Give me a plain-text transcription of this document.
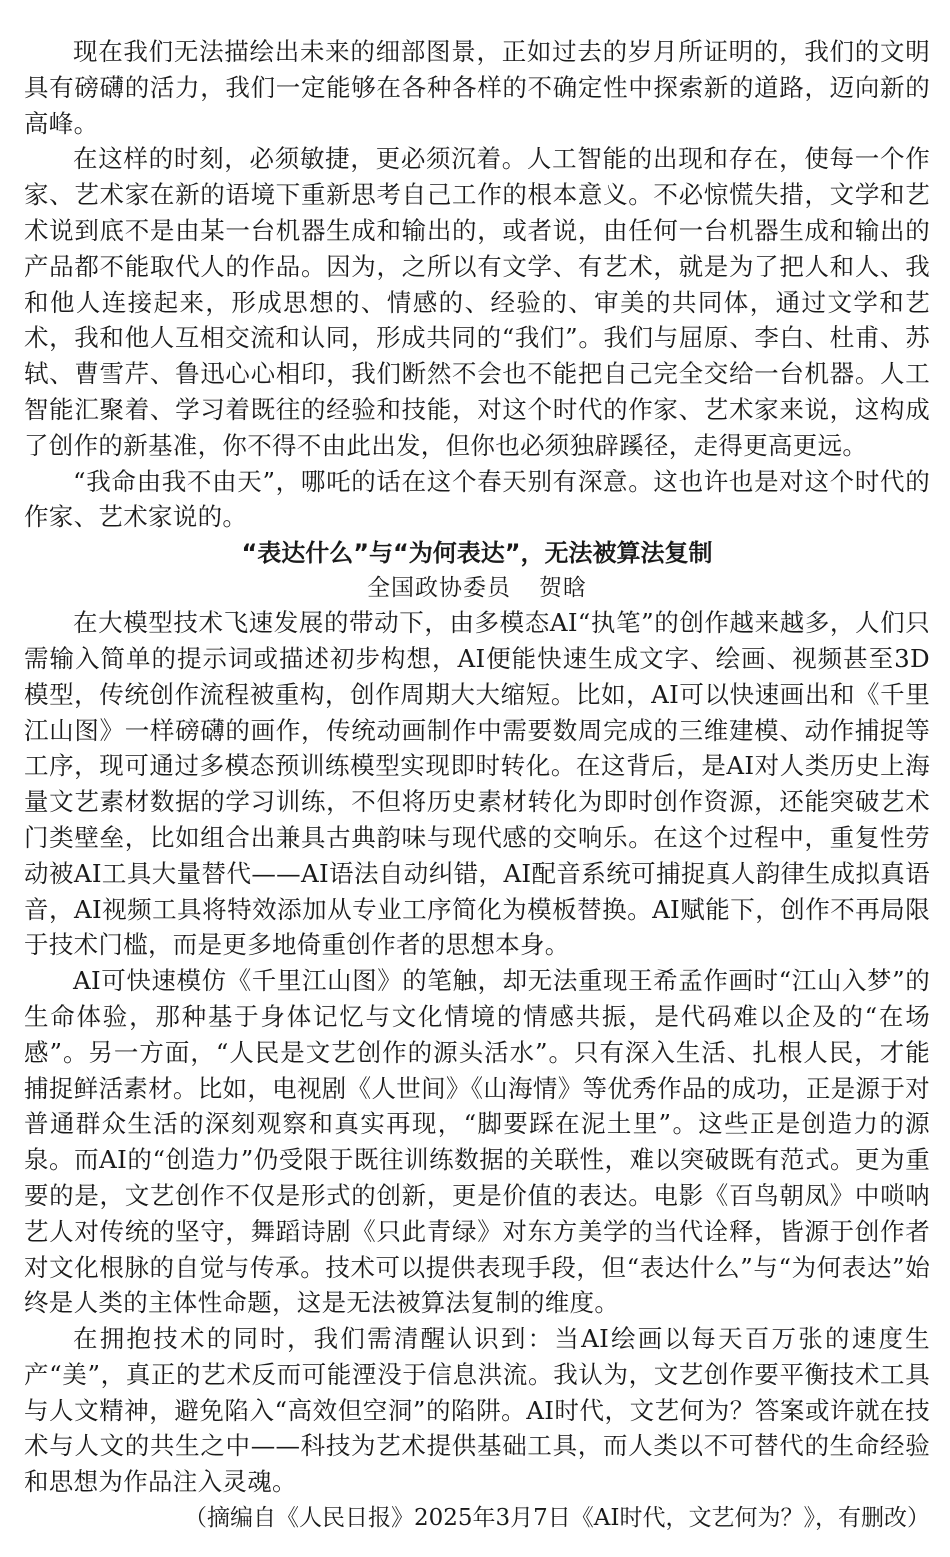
现在我们无法描绘出未来的细部图景，正如过去的岁月所证明的，我们的文明具有磅礴的活力，我们一定能够在各种各样的不确定性中探索新的道路，迈向新的高峰。

在这样的时刻，必须敏捷，更必须沉着。人工智能的出现和存在，使每一个作家、艺术家在新的语境下重新思考自己工作的根本意义。不必惊慌失措，文学和艺术说到底不是由某一台机器生成和输出的，或者说，由任何一台机器生成和输出的产品都不能取代人的作品。因为，之所以有文学、有艺术，就是为了把人和人、我和他人连接起来，形成思想的、情感的、经验的、审美的共同体，通过文学和艺术，我和他人互相交流和认同，形成共同的“我们”。我们与屈原、李白、杜甫、苏轼、曹雪芹、鲁迅心心相印，我们断然不会也不能把自己完全交给一台机器。人工智能汇聚着、学习着既往的经验和技能，对这个时代的作家、艺术家来说，这构成了创作的新基准，你不得不由此出发，但你也必须独辟蹊径，走得更高更远。

“我命由我不由天”，哪吒的话在这个春天别有深意。这也许也是对这个时代的作家、艺术家说的。

“表达什么”与“为何表达”，无法被算法复制

全国政协委员 贺晗

在大模型技术飞速发展的带动下，由多模态AI“执笔”的创作越来越多，人们只需输入简单的提示词或描述初步构想，AI便能快速生成文字、绘画、视频甚至3D模型，传统创作流程被重构，创作周期大大缩短。比如，AI可以快速画出和《千里江山图》一样磅礴的画作，传统动画制作中需要数周完成的三维建模、动作捕捉等工序，现可通过多模态预训练模型实现即时转化。在这背后，是AI对人类历史上海量文艺素材数据的学习训练，不但将历史素材转化为即时创作资源，还能突破艺术门类壁垒，比如组合出兼具古典韵味与现代感的交响乐。在这个过程中，重复性劳动被AI工具大量替代——AI语法自动纠错，AI配音系统可捕捉真人韵律生成拟真语音，AI视频工具将特效添加从专业工序简化为模板替换。AI赋能下，创作不再局限于技术门槛，而是更多地倚重创作者的思想本身。

AI可快速模仿《千里江山图》的笔触，却无法重现王希孟作画时“江山入梦”的生命体验，那种基于身体记忆与文化情境的情感共振，是代码难以企及的“在场感”。另一方面，“人民是文艺创作的源头活水”。只有深入生活、扎根人民，才能捕捉鲜活素材。比如，电视剧《人世间》《山海情》等优秀作品的成功，正是源于对普通群众生活的深刻观察和真实再现，“脚要踩在泥土里”。这些正是创造力的源泉。而AI的“创造力”仍受限于既往训练数据的关联性，难以突破既有范式。更为重要的是，文艺创作不仅是形式的创新，更是价值的表达。电影《百鸟朝凤》中唢呐艺人对传统的坚守，舞蹈诗剧《只此青绿》对东方美学的当代诠释，皆源于创作者对文化根脉的自觉与传承。技术可以提供表现手段，但“表达什么”与“为何表达”始终是人类的主体性命题，这是无法被算法复制的维度。

在拥抱技术的同时，我们需清醒认识到：当AI绘画以每天百万张的速度生产“美”，真正的艺术反而可能湮没于信息洪流。我认为，文艺创作要平衡技术工具与人文精神，避免陷入“高效但空洞”的陷阱。AI时代，文艺何为？答案或许就在技术与人文的共生之中——科技为艺术提供基础工具，而人类以不可替代的生命经验和思想为作品注入灵魂。

（摘编自《人民日报》2025年3月7日《AI时代，文艺何为？》，有删改）
